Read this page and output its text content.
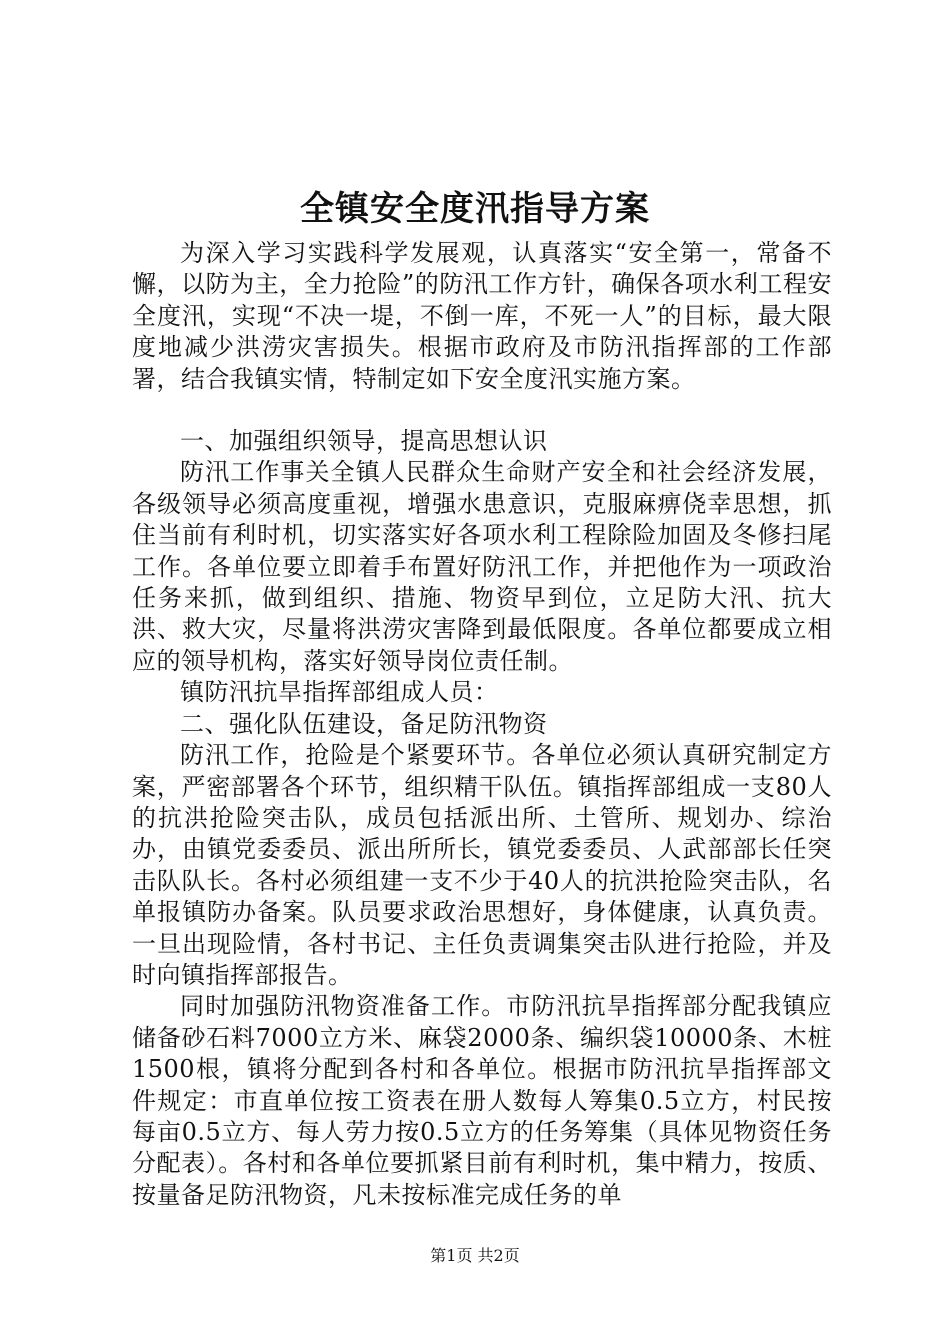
全镇安全度汛指导方案

为深入学习实践科学发展观，认真落实“安全第一，常备不懈，以防为主，全力抢险”的防汛工作方针，确保各项水利工程安全度汛，实现“不决一堤，不倒一库，不死一人”的目标，最大限度地减少洪涝灾害损失。根据市政府及市防汛指挥部的工作部署，结合我镇实情，特制定如下安全度汛实施方案。

一、加强组织领导，提高思想认识

防汛工作事关全镇人民群众生命财产安全和社会经济发展，各级领导必须高度重视，增强水患意识，克服麻痹侥幸思想，抓住当前有利时机，切实落实好各项水利工程除险加固及冬修扫尾工作。各单位要立即着手布置好防汛工作，并把他作为一项政治任务来抓，做到组织、措施、物资早到位，立足防大汛、抗大洪、救大灾，尽量将洪涝灾害降到最低限度。各单位都要成立相应的领导机构，落实好领导岗位责任制。

镇防汛抗旱指挥部组成人员：

二、强化队伍建设，备足防汛物资

防汛工作，抢险是个紧要环节。各单位必须认真研究制定方案，严密部署各个环节，组织精干队伍。镇指挥部组成一支80人的抗洪抢险突击队，成员包括派出所、土管所、规划办、综治办，由镇党委委员、派出所所长，镇党委委员、人武部部长任突击队队长。各村必须组建一支不少于40人的抗洪抢险突击队，名单报镇防办备案。队员要求政治思想好，身体健康，认真负责。一旦出现险情，各村书记、主任负责调集突击队进行抢险，并及时向镇指挥部报告。

同时加强防汛物资准备工作。市防汛抗旱指挥部分配我镇应储备砂石料7000立方米、麻袋2000条、编织袋10000条、木桩1500根，镇将分配到各村和各单位。根据市防汛抗旱指挥部文件规定：市直单位按工资表在册人数每人筹集0.5立方，村民按每亩0.5立方、每人劳力按0.5立方的任务筹集（具体见物资任务分配表）。各村和各单位要抓紧目前有利时机，集中精力，按质、按量备足防汛物资，凡未按标准完成任务的单

第1页 共2页
